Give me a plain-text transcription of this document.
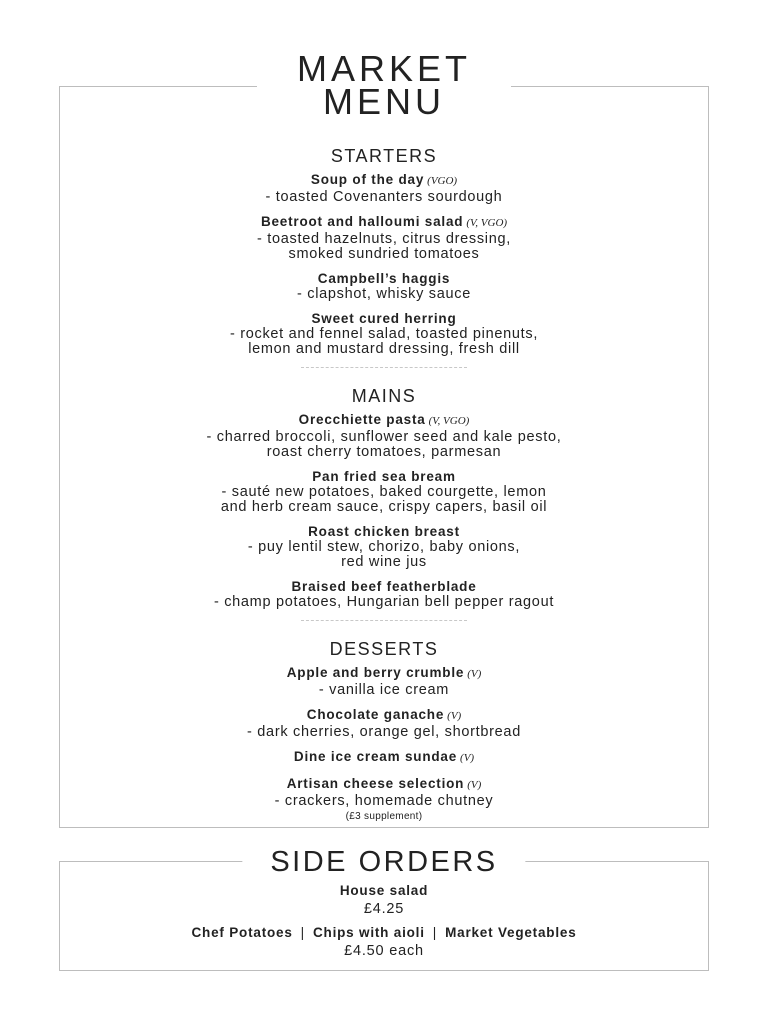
MARKET
MENU
STARTERS
Soup of the day (VGO)
- toasted Covenanters sourdough
Beetroot and halloumi salad (V, VGO)
- toasted hazelnuts, citrus dressing,
smoked sundried tomatoes
Campbell’s haggis
- clapshot, whisky sauce
Sweet cured herring
- rocket and fennel salad, toasted pinenuts,
lemon and mustard dressing, fresh dill
MAINS
Orecchiette pasta (V, VGO)
- charred broccoli, sunflower seed and kale pesto,
roast cherry tomatoes, parmesan
Pan fried sea bream
- sauté new potatoes, baked courgette, lemon
and herb cream sauce, crispy capers, basil oil
Roast chicken breast
- puy lentil stew, chorizo, baby onions,
red wine jus
Braised beef featherblade
- champ potatoes, Hungarian bell pepper ragout
DESSERTS
Apple and berry crumble (V)
- vanilla ice cream
Chocolate ganache (V)
- dark cherries, orange gel, shortbread
Dine ice cream sundae (V)
Artisan cheese selection (V)
- crackers, homemade chutney
(£3 supplement)
SIDE ORDERS
House salad
£4.25
Chef Potatoes | Chips with aioli | Market Vegetables
£4.50 each
